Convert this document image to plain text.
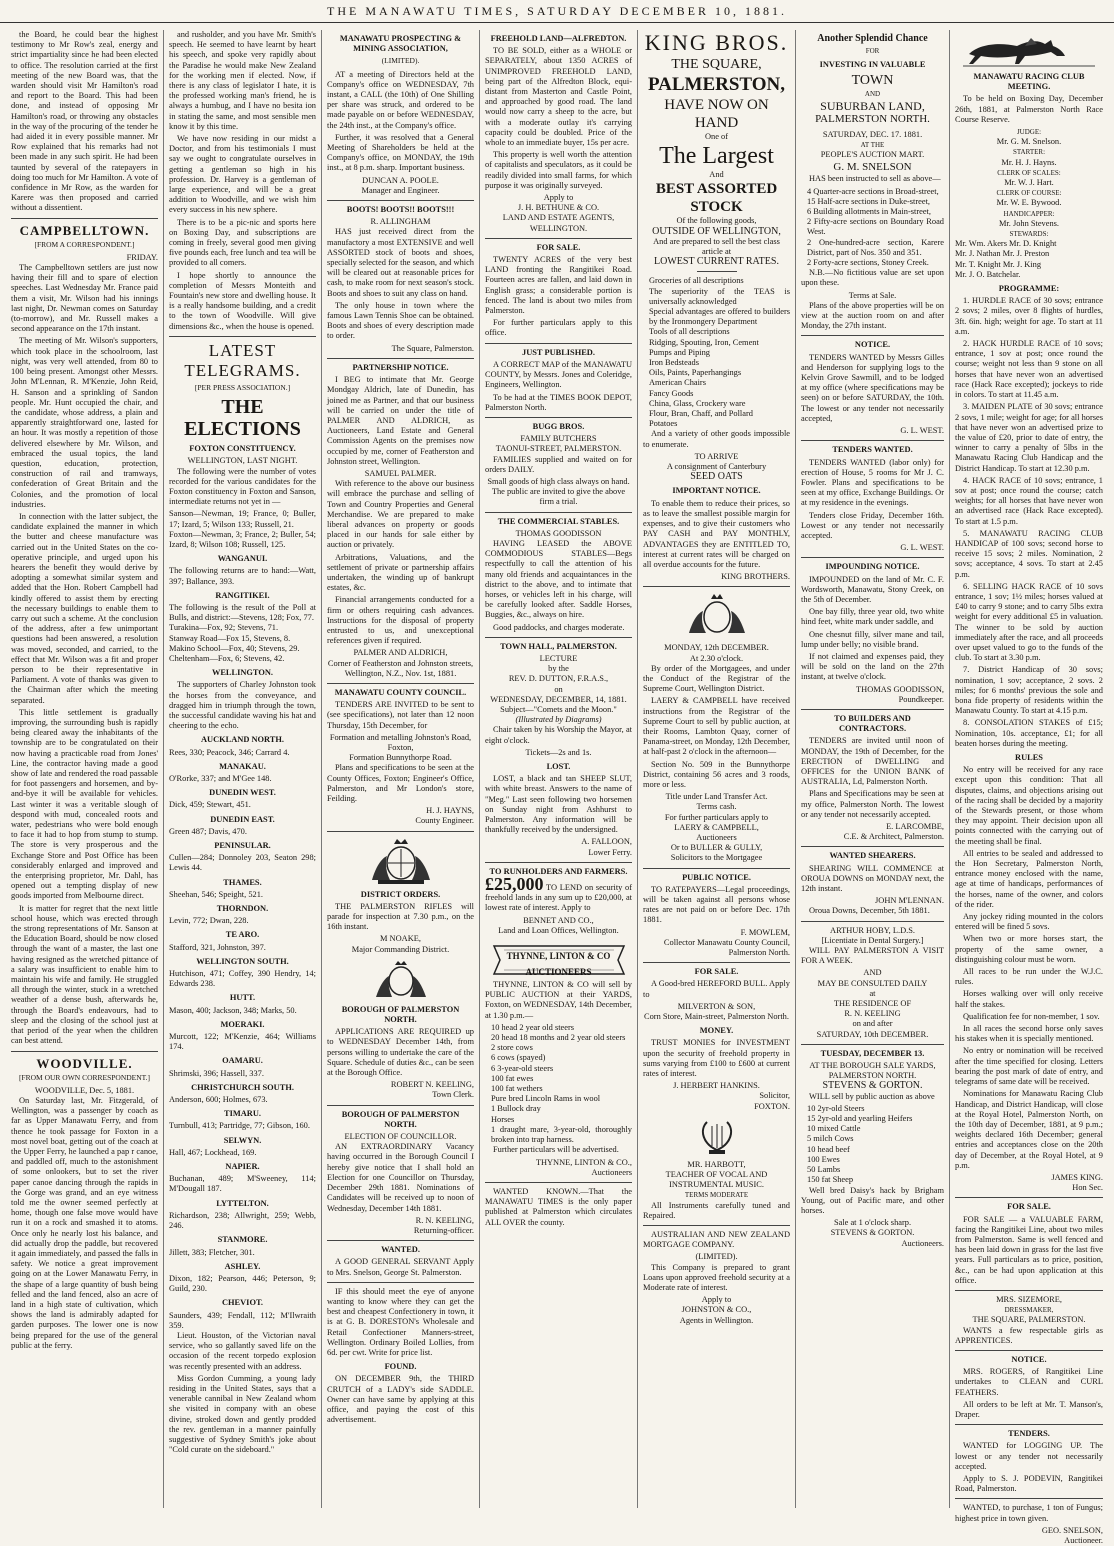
THE MANAWATU TIMES, SATURDAY DECEMBER 10, 1881.

the Board, he could bear the highest testimony to Mr Row's zeal, energy and strict impartiality since he had been elected to office. The resolution carried at the first meeting of the new Board was, that the warden should visit Mr Hamilton's road and report to the Board. This had been done, and instead of opposing Mr Hamilton's road, or throwing any obstacles in the way of the procuring of the tender he had aided it in every possible manner. Mr Row explained that his remarks had not been made in any such spirit. He had been taunted by several of the ratepayers in doing too much for Mr Hamilton. A vote of confidence in Mr Row, as the warden for Karere was then proposed and carried without a dissentient.

CAMPBELLTOWN.
[FROM A CORRESPONDENT.]
FRIDAY.

The Campbelltown settlers are just now having their fill and to spare of election speeches. Last Wednesday Mr. France paid them a visit, Mr. Wilson had his innings last night, Dr. Newman comes on Saturday (to-morrow), and Mr. Russell makes a second appearance on the 17th instant.

The meeting of Mr. Wilson's supporters, which took place in the schoolroom, last night, was very well attended, from 80 to 100 being present. Amongst other Messrs. John M'Lennan, R. M'Kenzie, John Reid, H. Sanson and a sprinkling of Sandon people. Mr. Hunt occupied the chair, and the candidate, whose address, a plain and apparently straightforward one, lasted for an hour. It was mostly a repetition of those delivered elsewhere by Mr. Wilson, and embraced the usual topics, the land question, education, protection, construction of rail and tramways, confederation of Great Britain and the Colonies, and the promotion of local industries.

In connection with the latter subject, the candidate explained the manner in which the butter and cheese manufacture was carried out in the United States on the co-operative principle, and urged upon his hearers the benefit they would derive by adopting a somewhat similar system and added that the Hon. Robert Campbell had kindly offered to assist them by erecting the necessary buildings to enable them to carry out such a scheme. At the conclusion of the address, after a few unimportant questions had been answered, a resolution was moved, seconded, and carried, to the effect that Mr. Wilson was a fit and proper person to be their representative in Parliament. A vote of thanks was given to the Chairman after which the meeting separated.

This little settlement is gradually improving, the surrounding bush is rapidly being cleared away the inhabitants of the township are to be congratulated on their now having a practicable road from Jones' Line, the contractor having made a good show of late and rendered the road passable for foot passengers and horsemen, and by-and-bye it will be available for vehicles. Last winter it was a veritable slough of despond with mud, concealed roots and water, pedestrians who were bold enough to face it had to hop from stump to stump. The store is very prosperous and the Exchange Store and Post Office has been considerably enlarged and improved and the enterprising proprietor, Mr. Dahl, has opened out a tempting display of new goods imported from Melbourne direct.

It is matter for regret that the next little school house, which was erected through the strong representations of Mr. Sanson at the Education Board, should be now closed through the want of a master, the last one having resigned as the wretched pittance of a salary was insufficient to enable him to maintain his wife and family. He struggled all through the winter, stuck in a wretched weather of a dense bush, afterwards he, through the Board's endeavours, had to sleep and the closing of the school just at that period of the year when the children can best attend.

WOODVILLE.
[FROM OUR OWN CORRESPONDENT.]
WOODVILLE, Dec. 5, 1881.

On Saturday last, Mr. Fitzgerald, of Wellington, was a passenger by coach as far as Upper Manawatu Ferry, and from thence he took passage for Foxton in a most novel boat, getting out of the coach at the Upper Ferry, he launched a pap r canoe, and paddled off, much to the astonishment of some onlookers, but to set the river paper canoe dancing through the rapids in the Gorge was grand, and an eye witness told me the owner seemed perfectly at home, though one false move would have run it on a rock and smashed it to atoms. Once only he nearly lost his balance, and did actually drop the paddle, but recovered it again immediately, and passed the falls in safety. We notice a great improvement going on at the Lower Manawatu Ferry, in the shape of a large quantity of bush being felled and the land fenced, also an acre of land in a high state of cultivation, which shows the land is admirably adapted for garden purposes. The lower one is now being prepared for the use of the general public at the ferry.

and rusholder, and you have Mr. Smith's speech. He seemed to have learnt by heart his speech, and spoke very rapidly about the Paradise he would make New Zealand for the working men if elected. Now, if there is any class of legislator I hate, it is the professed working man's friend, he is always a humbug, and I have no besita ion in stating the same, and most sensible men know it by this time.

We have now residing in our midst a Doctor, and from his testimonials I must say we ought to congratulate ourselves in getting a gentleman so high in his profession. Dr. Harvey is a gentleman of large experience, and will be a great addition to Woodville, and we wish him every success in his new sphere.

There is to be a pic-nic and sports here on Boxing Day, and subscriptions are coming in freely, several good men giving five pounds each, free lunch and tea will be provided to all comers.

I hope shortly to announce the completion of Messrs Monteith and Fountain's new store and dwelling house. It is a really handsome building, and a credit to the town of Woodville. Will give dimensions &c., when the house is opened.

LATEST TELEGRAMS.
[PER PRESS ASSOCIATION.]
THE ELECTIONS
FOXTON CONSTITUENCY.
WELLINGTON, LAST NIGHT.

The following were the number of votes recorded for the various candidates for the Foxton constituency in Foxton and Sanson, intermediate returns not yet in —

Sanson—Newman, 19; France, 0; Buller, 17; Izard, 5; Wilson 133; Russell, 21.

Foxton—Newman, 3; France, 2; Buller, 54; Izard, 8; Wilson 108; Russell, 125.

WANGANUI.

The following returns are to hand:—Watt, 397; Ballance, 393.

RANGITIKEI.

The following is the result of the Poll at Bulls, and district:—Stevens, 128; Fox, 77.

Turakina—Fox, 92; Stevens, 71.

Stanway Road—Fox 15, Stevens, 8.

Makino School—Fox, 40; Stevens, 29.

Cheltenham—Fox, 6; Stevens, 42.

WELLINGTON.

The supporters of Charley Johnston took the horses from the conveyance, and dragged him in triumph through the town, the successful candidate waving his hat and cheering to the echo.

AUCKLAND NORTH.

Rees, 330; Peacock, 346; Carrard 4.

MANAKAU.

O'Rorke, 337; and M'Gee 148.

DUNEDIN WEST.

Dick, 459; Stewart, 451.

DUNEDIN EAST.

Green 487; Davis, 470.

PENINSULAR.

Cullen—284; Donnoley 203, Seaton 298; Lewis 44.

THAMES.

Sheehan, 546; Speight, 521.

THORNDON.

Levin, 772; Dwan, 228.

TE ARO.

Stafford, 321, Johnston, 397.

WELLINGTON SOUTH.

Hutchison, 471; Coffey, 390 Hendry, 14; Edwards 238.

HUTT.

Mason, 400; Jackson, 348; Marks, 50.

MOERAKI.

Murcott, 122; M'Kenzie, 464; Williams 174.

OAMARU.

Shrimski, 396; Hassell, 337.

CHRISTCHURCH SOUTH.

Anderson, 600; Holmes, 673.

TIMARU.

Turnbull, 413; Partridge, 77; Gibson, 160.

SELWYN.

Hall, 467; Lockhead, 169.

NAPIER.

Buchanan, 489; M'Sweeney, 114; M'Dougall 187.

LYTTELTON.

Richardson, 238; Allwright, 259; Webb, 246.

STANMORE.

Jillett, 383; Fletcher, 301.

ASHLEY.

Dixon, 182; Pearson, 446; Peterson, 9; Guild, 230.

CHEVIOT.

Saunders, 439; Fendall, 112; M'Ilwraith 359.

Lieut. Houston, of the Victorian naval service, who so gallantly saved life on the occasion of the recent torpedo explosion was recently presented with an address.

Miss Gordon Cumming, a young lady residing in the United States, says that a venerable cannibal in New Zealand whom she visited in company with an obese divine, stroked down and gently prodded the rev. gentleman in a manner painfully suggestive of Sydney Smith's joke about "Cold curate on the sideboard."

MANAWATU PROSPECTING & MINING ASSOCIATION,
(LIMITED).

AT a meeting of Directors held at the Company's office on WEDNESDAY, 7th instant, a CALL (the 10th) of One Shilling per share was struck, and ordered to be made payable on or before WEDNESDAY, the 24th inst., at the Company's office.

Further, it was resolved that a General Meeting of Shareholders be held at the Company's office, on MONDAY, the 19th inst., at 8 p.m. sharp. Important business.

DUNCAN A. POOLE.
Manager and Engineer.
BOOTS! BOOTS!! BOOTS!!!
R. ALLINGHAM

HAS just received direct from the manufactory a most EXTENSIVE and well ASSORTED stock of boots and shoes, specially selected for the season, and which will be cleared out at reasonable prices for cash, to make room for next season's stock. Boots and shoes to suit any class on hand.

The only house in town where the famous Lawn Tennis Shoe can be obtained. Boots and shoes of every description made to order.

The Square, Palmerston.
PARTNERSHIP NOTICE.

I BEG to intimate that Mr. George Mondgay Aldrich, late of Dunedin, has joined me as Partner, and that our business will be carried on under the title of PALMER AND ALDRICH, as Auctioneers, Land Estate and General Commission Agents on the premises now occupied by me, corner of Featherston and Johnston street, Wellington.

SAMUEL PALMER.

With reference to the above our business will embrace the purchase and selling of Town and Country Properties and General Merchandise. We are prepared to make liberal advances on property or goods placed in our hands for sale either by auction or privately.

Arbitrations, Valuations, and the settlement of private or partnership affairs undertaken, the winding up of bankrupt estates, &c.

Financial arrangements conducted for a firm or others requiring cash advances. Instructions for the disposal of property entrusted to us, and unexceptional references given if required.

PALMER AND ALDRICH,
Corner of Featherston and Johnston streets, Wellington, N.Z., Nov. 1st, 1881.
MANAWATU COUNTY COUNCIL.

TENDERS ARE INVITED to be sent to (see specifications), not later than 12 noon Thursday, 15th December, for

Formation and metalling Johnston's Road, Foxton,
Formation Bunnythorpe Road.

Plans and specifications to be seen at the County Offices, Foxton; Engineer's Office, Palmerston, and Mr London's store, Feilding.

H. J. HAYNS,
County Engineer.
DISTRICT ORDERS.

THE PALMERSTON RIFLES will parade for inspection at 7.30 p.m., on the 16th instant.

M NOAKE,
Major Commanding District.
BOROUGH OF PALMERSTON NORTH.

APPLICATIONS ARE REQUIRED up to WEDNESDAY December 14th, from persons willing to undertake the care of the Square. Schedule of duties &c., can be seen at the Borough Office.

ROBERT N. KEELING,
Town Clerk.
BOROUGH OF PALMERSTON NORTH.
ELECTION OF COUNCILLOR.

AN EXTRAORDINARY Vacancy having occurred in the Borough Council I hereby give notice that I shall hold an Election for one Councillor on Thursday, December 29th 1881. Nominations of Candidates will be received up to noon of Wednesday, December 14th 1881.

R. N. KEELING,
Returning-officer.
WANTED.

A GOOD GENERAL SERVANT Apply to Mrs. Snelson, George St. Palmerston.

IF this should meet the eye of anyone wanting to know where they can get the best and cheapest Confectionery in town, it is at G. B. DORESTON's Wholesale and Retail Confectioner Manners-street, Wellington. Ordinary Boiled Lollies, from 6d. per cwt. Write for price list.

FOUND.

ON DECEMBER 9th, the THIRD CRUTCH of a LADY's side SADDLE. Owner can have same by applying at this office, and paying the cost of this advertisement.

FREEHOLD LAND—ALFREDTON.

TO BE SOLD, either as a WHOLE or SEPARATELY, about 1350 ACRES of UNIMPROVED FREEHOLD LAND, being part of the Alfredton Block, equi-distant from Masterton and Castle Point, and approached by good road. The land would now carry a sheep to the acre, but with a moderate outlay it's carrying capacity could be doubled. Price of the whole to an immediate buyer, 15s per acre.

This property is well worth the attention of capitalists and speculators, as it could be readily divided into small farms, for which purpose it was originally surveyed.

Apply to
J. H. BETHUNE & CO.
LAND AND ESTATE AGENTS, WELLINGTON.
FOR SALE.

TWENTY ACRES of the very best LAND fronting the Rangitikei Road. Fourteen acres are fallen, and laid down in English grass; a considerable portion is fenced. The land is about two miles from Palmerston.

For further particulars apply to this office.

JUST PUBLISHED.

A CORRECT MAP of the MANAWATU COUNTY, by Messrs. Jones and Coleridge, Engineers, Wellington.

To be had at the TIMES BOOK DEPOT, Palmerston North.

BUGG BROS.
FAMILY BUTCHERS
TAONUI-STREET, PALMERSTON.

FAMILIES supplied and waited on for orders DAILY.

Small goods of high class always on hand.
The public are invited to give the above firm a trial.
THE COMMERCIAL STABLES.
THOMAS GOODISSON

HAVING LEASED the ABOVE COMMODIOUS STABLES—Begs respectfully to call the attention of his many old friends and acquaintances in the district to the above, and to intimate that horses, or vehicles left in his charge, will be carefully looked after. Saddle Horses, Buggies, &c., always on hire.

Good paddocks, and charges moderate.

TOWN HALL, PALMERSTON.
LECTURE
by the
REV. D. DUTTON, F.R.A.S.,
on
WEDNESDAY, DECEMBER, 14, 1881.
Subject—"Comets and the Moon."
(Illustrated by Diagrams)

Chair taken by his Worship the Mayor, at eight o'clock.

Tickets—2s and 1s.
LOST.

LOST, a black and tan SHEEP SLUT, with white breast. Answers to the name of "Meg." Last seen following two horsemen on Sunday night from Ashhurst to Palmerston. Any information will be thankfully received by the undersigned.

A. FALLOON,
Lower Ferry.
TO RUNHOLDERS AND FARMERS.

£25,000 TO LEND on security of freehold lands in any sum up to £20,000, at lowest rate of interest. Apply to

BENNET AND CO.,
Land and Loan Offices, Wellington.
THYNNE, LINTON & CO AUCTIONEERS

THYNNE, LINTON & CO will sell by PUBLIC AUCTION at their YARDS, Foxton, on WEDNESDAY, 14th December, at 1.30 p.m.—

10 head 2 year old steers

20 head 18 months and 2 year old steers

2 store cows

6 cows (spayed)

6 3-year-old steers

100 fat ewes

100 fat wethers

Pure bred Lincoln Rams in wool

1 Bullock dray

Horses

1 draught mare, 3-year-old, thoroughly broken into trap harness.

Further particulars will be advertised.

THYNNE, LINTON & CO.,
Auctioneers

WANTED KNOWN.—That the MANAWATU TIMES is the only paper published at Palmerston which circulates ALL OVER the county.

KING BROS.
THE SQUARE,
PALMERSTON,
HAVE NOW ON HAND
One of
The Largest
And
BEST ASSORTED STOCK
Of the following goods,
OUTSIDE OF WELLINGTON,
And are prepared to sell the best class article at
LOWEST CURRENT RATES.

Groceries of all descriptions

The superiority of the TEAS is universally acknowledged

Special advantages are offered to builders by the Ironmongery Department

Tools of all descriptions

Ridging, Spouting, Iron, Cement

Pumps and Piping

Iron Bedsteads

Oils, Paints, Paperhangings

American Chairs

Fancy Goods

China, Glass, Crockery ware

Flour, Bran, Chaff, and Pollard

Potatoes

And a variety of other goods impossible to enumerate.

TO ARRIVE
A consignment of Canterbury
SEED OATS
IMPORTANT NOTICE.

To enable them to reduce their prices, so as to leave the smallest possible margin for expenses, and to give their customers who PAY CASH and PAY MONTHLY, ADVANTAGES they are ENTITLED TO, interest at current rates will be charged on all overdue accounts for the future.

KING BROTHERS.
MONDAY, 12th DECEMBER.
At 2.30 o'clock.

By order of the Mortgagees, and under the Conduct of the Registrar of the Supreme Court, Wellington District.

LAERY & CAMPBELL have received instructions from the Registrar of the Supreme Court to sell by public auction, at their Rooms, Lambton Quay, corner of Panama-street, on Monday, 12th December, at half-past 2 o'clock in the afternoon—

Section No. 509 in the Bunnythorpe District, containing 56 acres and 3 roods, more or less.

Title under Land Transfer Act.
Terms cash.
For further particulars apply to
LAERY & CAMPBELL,
Auctioneers
Or to BULLER & GULLY,
Solicitors to the Mortgagee
PUBLIC NOTICE.

TO RATEPAYERS—Legal proceedings, will be taken against all persons whose rates are not paid on or before Dec. 17th 1881.

F. MOWLEM,
Collector Manawatu County Council, Palmerston North.
FOR SALE.

A Good-bred HEREFORD BULL. Apply to

MILVERTON & SON,
Corn Store, Main-street, Palmerston North.
MONEY.

TRUST MONIES for INVESTMENT upon the security of freehold property in sums varying from £100 to £600 at current rates of interest.

J. HERBERT HANKINS.
Solicitor,
FOXTON.
MR. HARBOTT,
TEACHER OF VOCAL AND INSTRUMENTAL MUSIC.
TERMS MODERATE

All Instruments carefully tuned and Repaired.

AUSTRALIAN AND NEW ZEALAND MORTGAGE COMPANY.

(LIMITED).

This Company is prepared to grant Loans upon approved freehold security at a Moderate rate of interest.

Apply to
JOHNSTON & CO.,
Agents in Wellington.
Another Splendid Chance
FOR
INVESTING IN VALUABLE
TOWN
AND
SUBURBAN LAND,
PALMERSTON NORTH.
SATURDAY, DEC. 17. 1881.
AT THE
PEOPLE'S AUCTION MART.
G. M. SNELSON

HAS been instructed to sell as above—

4 Quarter-acre sections in Broad-street,

15 Half-acre sections in Duke-street,

6 Building allotments in Main-street,

2 Fifty-acre sections on Boundary Road West.

2 One-hundred-acre section, Karere District, part of Nos. 350 and 351.

2 Forty-acre sections, Stoney Creek.

N.B.—No fictitious value are set upon upon these.

Terms at Sale.

Plans of the above properties will be on view at the auction room on and after Monday, the 27th instant.

NOTICE.

TENDERS WANTED by Messrs Gilles and Henderson for supplying logs to the Kelvin Grove Sawmill, and to be lodged at my office (where specifications may be seen) on or before SATURDAY, the 10th. The lowest or any tender not necessarily accepted,

G. L. WEST.
TENDERS WANTED.

TENDERS WANTED (labor only) for erection of House, 5 rooms for Mr J. C. Fowler. Plans and specifications to be seen at my office, Exchange Buildings. Or at my residence in the evenings.

Tenders close Friday, December 16th. Lowest or any tender not necessarily accepted.

G. L. WEST.
IMPOUNDING NOTICE.

IMPOUNDED on the land of Mr. C. F. Wordsworth, Manawatu, Stony Creek, on the 5th of December.

One bay filly, three year old, two white hind feet, white mark under saddle, and

One chesnut filly, silver mane and tail, lump under belly; no visible brand.

If not claimed and expenses paid, they will be sold on the land on the 27th instant, at twelve o'clock.

THOMAS GOODISSON,
Poundkeeper.
TO BUILDERS AND CONTRACTORS.

TENDERS are invited until noon of MONDAY, the 19th of December, for the ERECTION of DWELLING and OFFICES for the UNION BANK of AUSTRALIA, Ld, Palmerston North.

Plans and Specifications may be seen at my office, Palmerston North. The lowest or any tender not necessarily accepted.

E. LARCOMBE,
C.E. & Architect, Palmerston.
WANTED SHEARERS.

SHEARING WILL COMMENCE at OROUA DOWNS on MONDAY next, the 12th instant.

JOHN M'LENNAN.

Oroua Downs, December, 5th 1881.

ARTHUR HOBY, L.D.S.
[Licentiate in Dental Surgery.]

WILL PAY PALMERSTON A VISIT FOR A WEEK.

AND
MAY BE CONSULTED DAILY
at
THE RESIDENCE OF
R. N. KEELING
on and after
SATURDAY, 10th DECEMBER.
TUESDAY, DECEMBER 13.
AT THE BOROUGH SALE YARDS, PALMERSTON NORTH.
STEVENS & GORTON.

WILL sell by public auction as above

10 2yr-old Steers

15 2yr-old and yearling Heifers

10 mixed Cattle

5 milch Cows

10 head beef

100 Ewes

50 Lambs

150 fat Sheep

Well bred Daisy's hack by Brigham Young, out of Pacific mare, and other horses.

Sale at 1 o'clock sharp.
STEVENS & GORTON.
Auctioneers.
MANAWATU RACING CLUB MEETING.

To be held on Boxing Day, December 26th, 1881, at Palmerston North Race Course Reserve.

JUDGE:
Mr. G. M. Snelson.
STARTER:
Mr. H. J. Hayns.
CLERK OF SCALES:
Mr. W. J. Hart.
CLERK OF COURSE:
Mr. W. E. Bywood.
HANDICAPPER:
Mr. John Stevens.
STEWARDS:

Mr. Wm. Akers Mr. D. Knight

Mr. J. Nathan Mr. J. Preston

Mr. T. Knight Mr. J. King

Mr. J. O. Batchelar.

PROGRAMME:

1. HURDLE RACE of 30 sovs; entrance 2 sovs; 2 miles, over 8 flights of hurdles, 3ft. 6in. high; weight for age. To start at 11 a.m.

2. HACK HURDLE RACE of 10 sovs; entrance, 1 sov at post; once round the course; weight not less than 9 stone on all horses that have never won an advertised race (Hack Race excepted); jockeys to ride in colors. To start at 11.45 a.m.

3. MAIDEN PLATE of 30 sovs; entrance 2 sovs, 1 mile; weight for age; for all horses that have never won an advertised prize to the value of £20, prior to date of entry, the winner to carry a penalty of 5lbs in the Manawatu Racing Club Handicap and the District Handicap. To start at 12.30 p.m.

4. HACK RACE of 10 sovs; entrance, 1 sov at post; once round the course; catch weights; for all horses that have never won an advertised race (Hack Race excepted). To start at 1.5 p.m.

5. MANAWATU RACING CLUB HANDICAP of 100 sovs; second horse to receive 15 sovs; 2 miles. Nomination, 2 sovs; acceptance, 4 sovs. To start at 2.45 p.m.

6. SELLING HACK RACE of 10 sovs entrance, 1 sov; 1½ miles; horses valued at £40 to carry 9 stone; and to carry 5lbs extra weight for every additional £5 in valuation. The winner to be sold by auction immediately after the race, and all proceeds over upset valued to go to the funds of the club. To start at 3.30 p.m.

7. District Handicap of 30 sovs; nomination, 1 sov; acceptance, 2 sovs. 2 miles; for 6 months' previous the sole and bona fide property of residents within the Manawatu County. To start at 4.15 p.m.

8. CONSOLATION STAKES of £15; Nomination, 10s. acceptance, £1; for all beaten horses during the meeting.

RULES

No entry will be received for any race except upon this condition: That all disputes, claims, and objections arising out of the racing shall be decided by a majority of the Stewards present, or those whom they may appoint. Their decision upon all points connected with the carrying out of the meeting shall be final.

All entries to be sealed and addressed to the Hon Secretary, Palmerston North, entrance money enclosed with the name, age at time of handicaps, performances of the horses, name of the owner, and colors of the rider.

Any jockey riding mounted in the colors entered will be fined 5 sovs.

When two or more horses start, the property of the same owner, a distinguishing colour must be worn.

All races to be run under the W.J.C. rules.

Horses walking over will only receive half the stakes.

Qualification fee for non-member, 1 sov.

In all races the second horse only saves his stakes when it is specially mentioned.

No entry or nomination will be received after the time specified for closing. Letters bearing the post mark of date of entry, and telegrams of same date will be received.

Nominations for Manawatu Racing Club Handicap, and District Handicap, will close at the Royal Hotel, Palmerston North, on the 10th day of December, 1881, at 9 p.m.; weights declared 16th December; general entries and acceptances close on the 20th day of December, at the Royal Hotel, at 9 p.m.

JAMES KING.
Hon Sec.
FOR SALE.

FOR SALE — a VALUABLE FARM, facing the Rangitikei Line, about two miles from Palmerston. Same is well fenced and has been laid down in grass for the last five years. Full particulars as to price, position, &c., can be had upon application at this office.

MRS. SIZEMORE,
DRESSMAKER,
THE SQUARE, PALMERSTON.

WANTS a few respectable girls as APPRENTICES.

NOTICE.

MRS. ROGERS, of Rangitikei Line undertakes to CLEAN and CURL FEATHERS.

All orders to be left at Mr. T. Manson's, Draper.

TENDERS.

WANTED for LOGGING UP. The lowest or any tender not necessarily accepted.

Apply to S. J. PODEVIN, Rangitikei Road, Palmerston.

WANTED, to purchase, 1 ton of Fungus; highest price in town given.

GEO. SNELSON,
Auctioneer.
